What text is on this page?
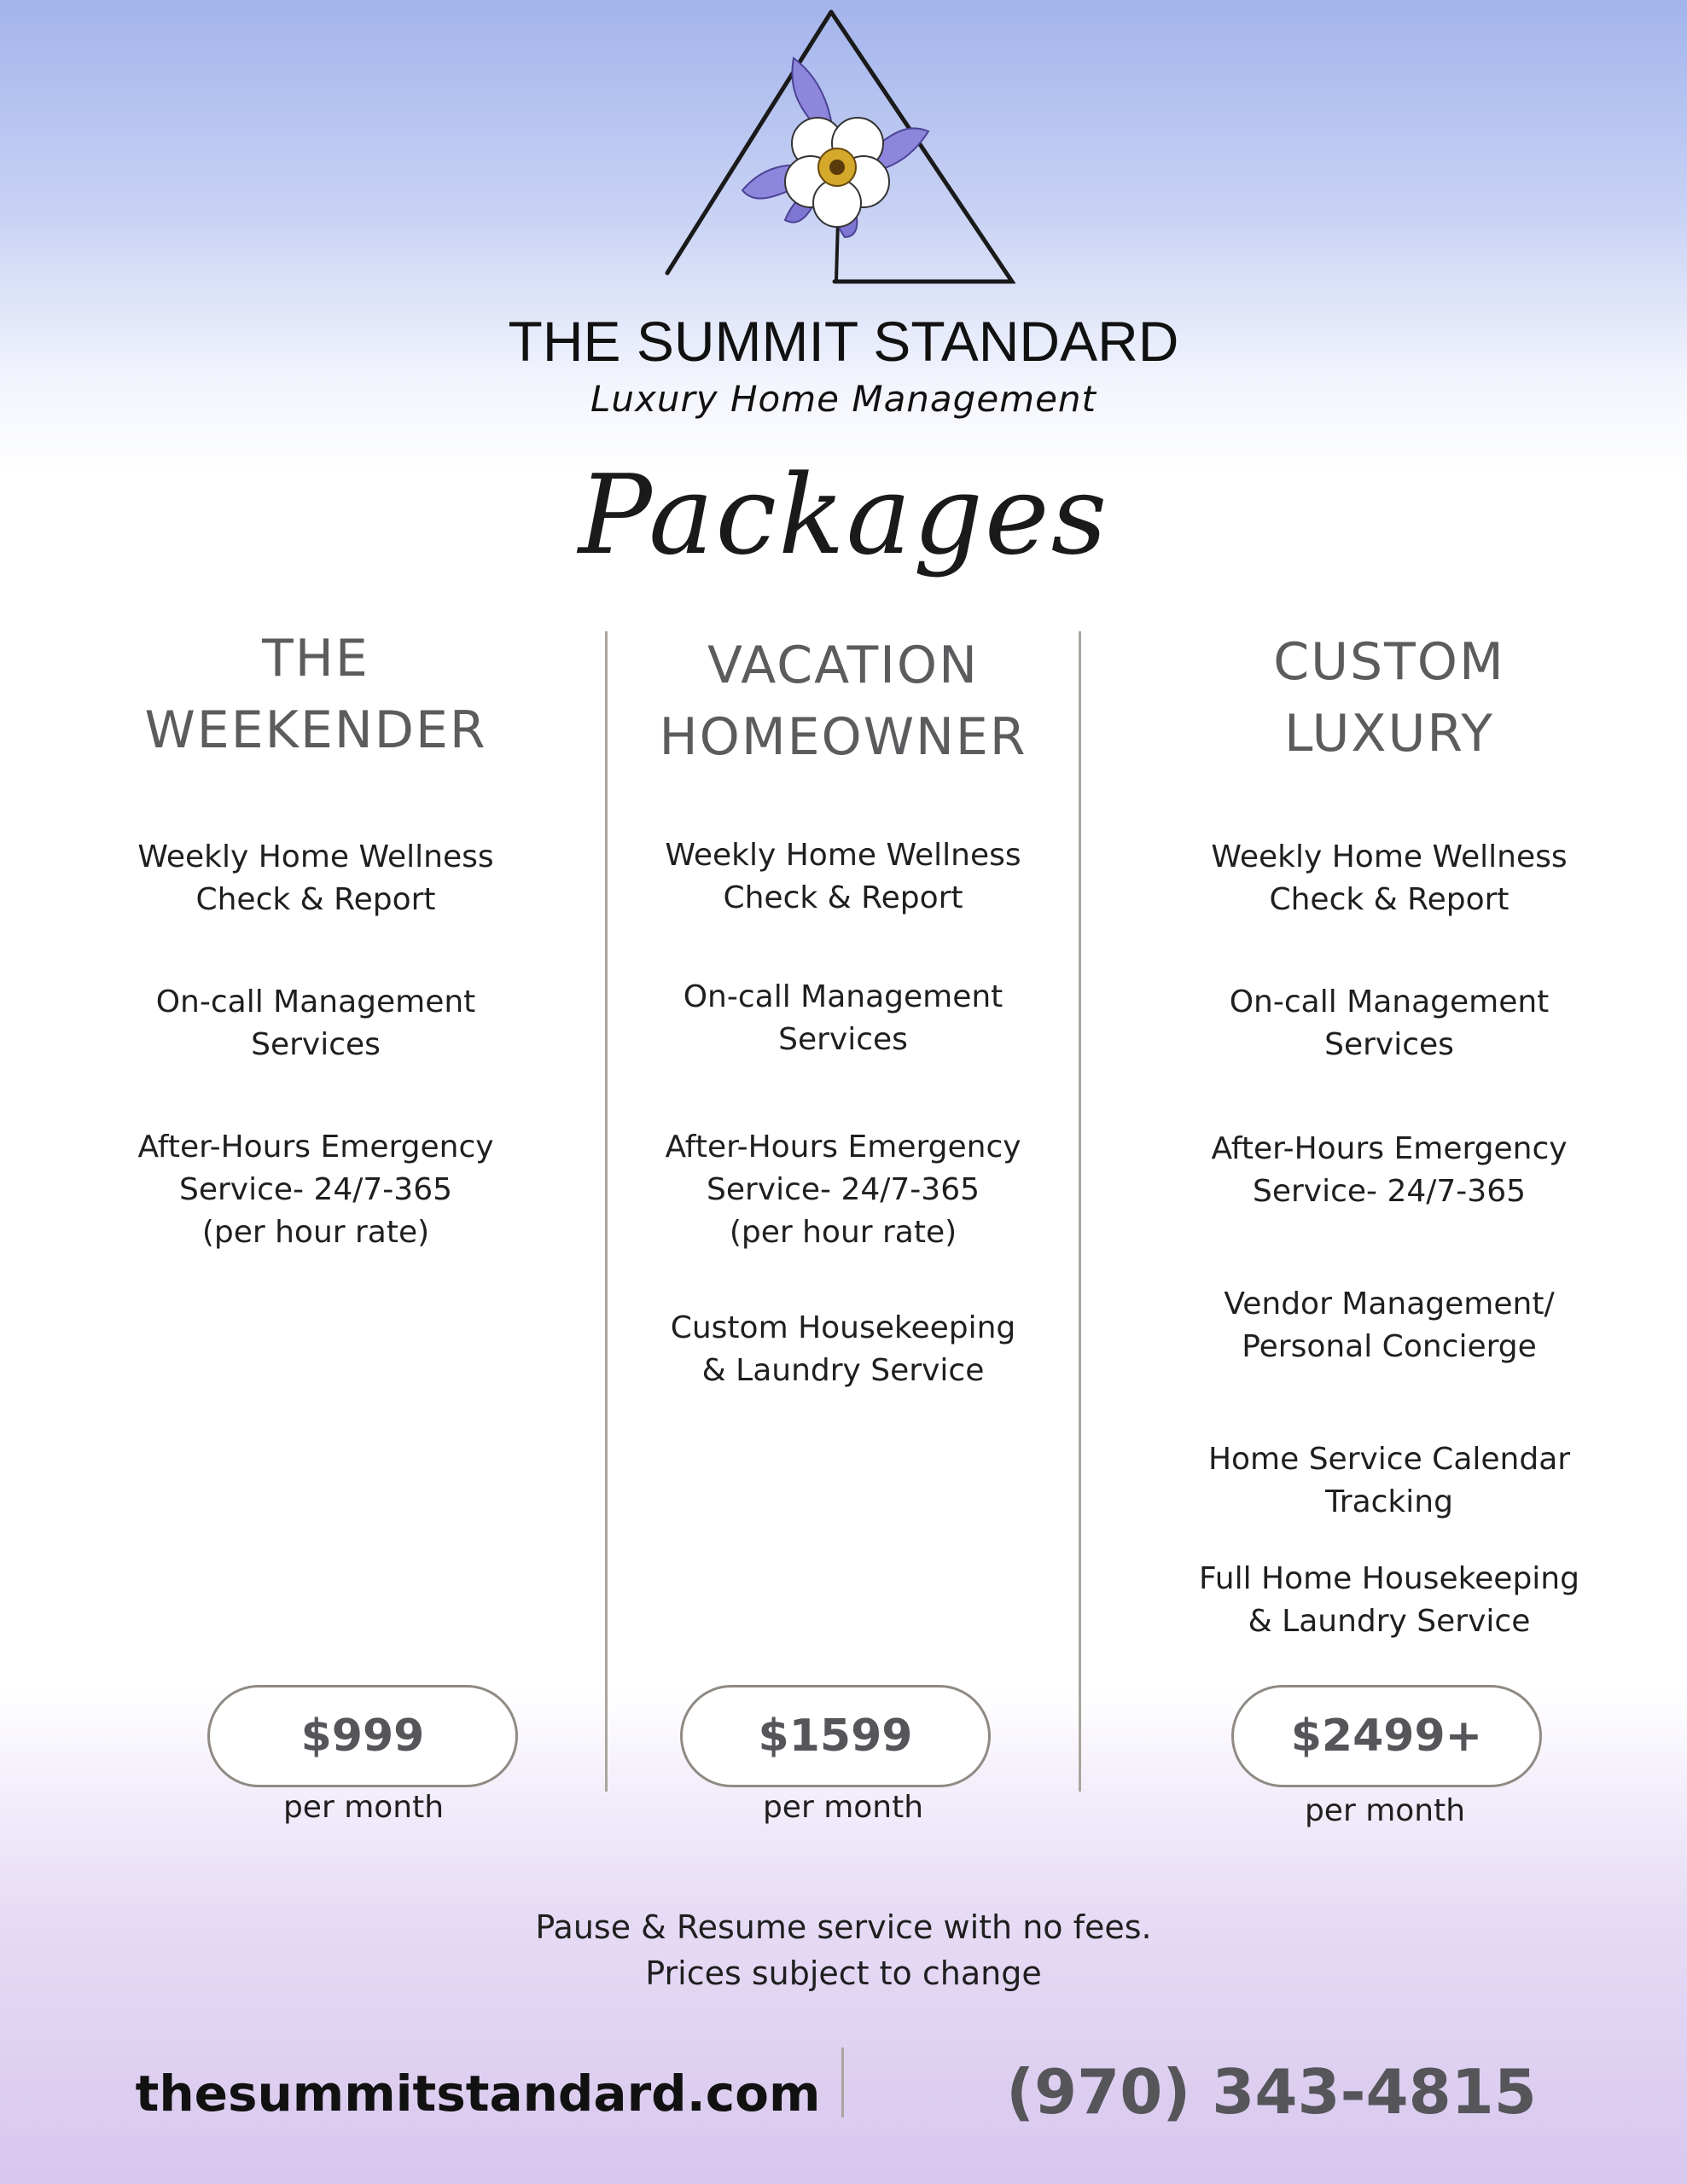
THE SUMMIT STANDARD
Luxury Home Management
Packages
THE
WEEKENDER
Weekly Home Wellness
Check & Report
On-call Management
Services
After-Hours Emergency
Service- 24/7-365
(per hour rate)
$999
per month
VACATION
HOMEOWNER
Weekly Home Wellness
Check & Report
On-call Management
Services
After-Hours Emergency
Service- 24/7-365
(per hour rate)
Custom Housekeeping
& Laundry Service
$1599
per month
CUSTOM
LUXURY
Weekly Home Wellness
Check & Report
On-call Management
Services
After-Hours Emergency
Service- 24/7-365
Vendor Management/
Personal Concierge
Home Service Calendar
Tracking
Full Home Housekeeping
& Laundry Service
$2499+
per month
Pause & Resume service with no fees.
Prices subject to change
thesummitstandard.com	(970) 343-4815
